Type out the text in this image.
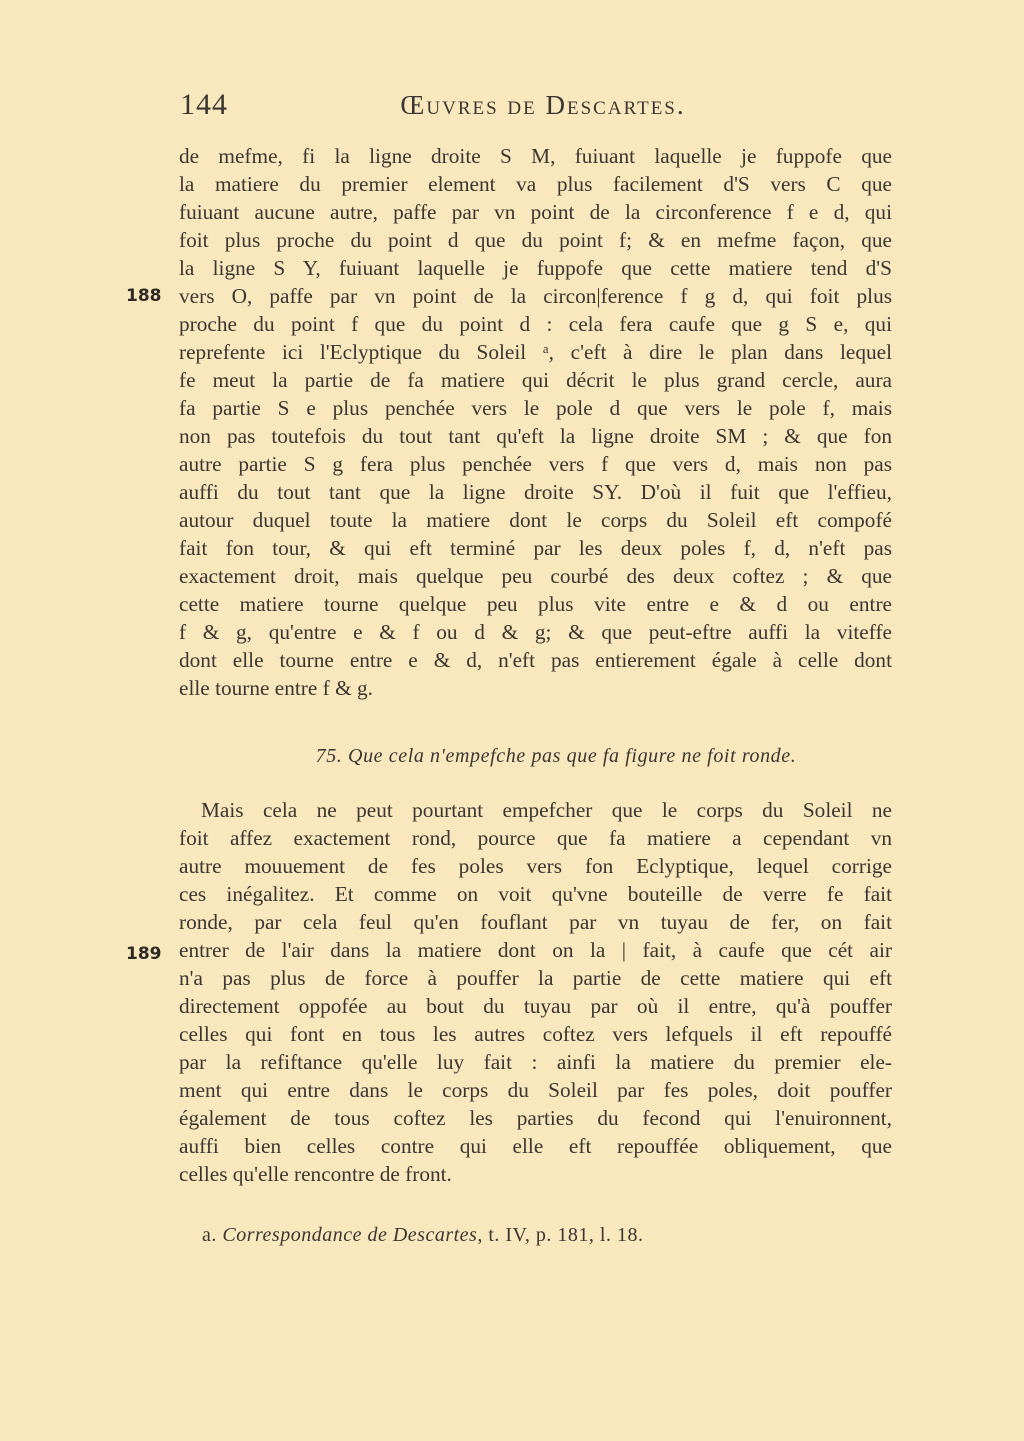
144	Œuvres de Descartes.
188
189
de mefme, fi la ligne droite S M, fuiuant laquelle je fuppofe que
la matiere du premier element va plus facilement d'S vers C que
fuiuant aucune autre, paffe par vn point de la circonference f e d, qui
foit plus proche du point d que du point f; & en mefme façon, que
la ligne S Y, fuiuant laquelle je fuppofe que cette matiere tend d'S
vers O, paffe par vn point de la circon|ference f g d, qui foit plus
proche du point f que du point d : cela fera caufe que g S e, qui
reprefente ici l'Eclyptique du Soleil ᵃ, c'eft à dire le plan dans lequel
fe meut la partie de fa matiere qui décrit le plus grand cercle, aura
fa partie S e plus penchée vers le pole d que vers le pole f, mais
non pas toutefois du tout tant qu'eft la ligne droite SM ; & que fon
autre partie S g fera plus penchée vers f que vers d, mais non pas
auffi du tout tant que la ligne droite SY. D'où il fuit que l'effieu,
autour duquel toute la matiere dont le corps du Soleil eft compofé
fait fon tour, & qui eft terminé par les deux poles f, d, n'eft pas
exactement droit, mais quelque peu courbé des deux coftez ; & que
cette matiere tourne quelque peu plus vite entre e & d ou entre
f & g, qu'entre e & f ou d & g; & que peut-eftre auffi la viteffe
dont elle tourne entre e & d, n'eft pas entierement égale à celle dont
elle tourne entre f & g.
75. Que cela n'empefche pas que fa figure ne foit ronde.
Mais cela ne peut pourtant empefcher que le corps du Soleil ne
foit affez exactement rond, pource que fa matiere a cependant vn
autre mouuement de fes poles vers fon Eclyptique, lequel corrige
ces inégalitez. Et comme on voit qu'vne bouteille de verre fe fait
ronde, par cela feul qu'en fouflant par vn tuyau de fer, on fait
entrer de l'air dans la matiere dont on la | fait, à caufe que cét air
n'a pas plus de force à pouffer la partie de cette matiere qui eft
directement oppofée au bout du tuyau par où il entre, qu'à pouffer
celles qui font en tous les autres coftez vers lefquels il eft repouffé
par la refiftance qu'elle luy fait : ainfi la matiere du premier ele-
ment qui entre dans le corps du Soleil par fes poles, doit pouffer
également de tous coftez les parties du fecond qui l'enuironnent,
auffi bien celles contre qui elle eft repouffée obliquement, que
celles qu'elle rencontre de front.
a. Correspondance de Descartes, t. IV, p. 181, l. 18.
